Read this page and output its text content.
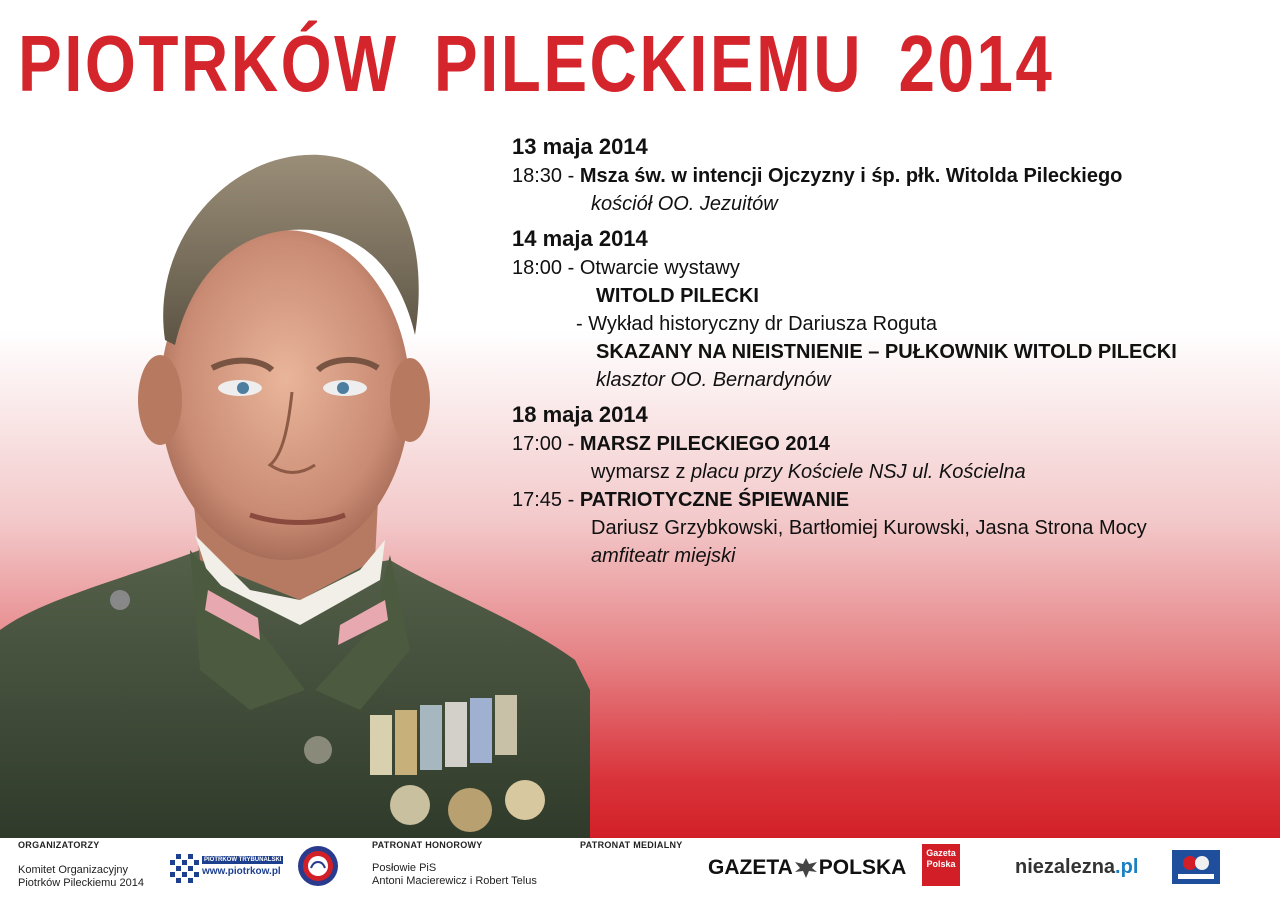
PIOTRKÓW PILECKIEMU 2014
13 maja 2014
18:30 - Msza św. w intencji Ojczyzny i śp. płk. Witolda Pileckiego
kościół OO. Jezuitów
14 maja 2014
18:00 - Otwarcie wystawy
WITOLD PILECKI
- Wykład historyczny dr Dariusza Roguta
SKAZANY NA NIEISTNIENIE – PUŁKOWNIK WITOLD PILECKI
klasztor OO. Bernardynów
18 maja 2014
17:00 - MARSZ PILECKIEGO 2014
wymarsz z placu przy Kościele NSJ ul. Kościelna
17:45 - PATRIOTYCZNE ŚPIEWANIE
Dariusz Grzybkowski, Bartłomiej Kurowski, Jasna Strona Mocy
amfiteatr miejski
ORGANIZATORZY
Komitet Organizacyjny
Piotrków Pileckiemu 2014
PIOTRKÓW TRYBUNALSKI
www.piotrkow.pl
PATRONAT HONOROWY
Posłowie PiS
Antoni Macierewicz i Robert Telus
PATRONAT MEDIALNY
GAZETA POLSKA
Gazeta
Polska	niezalezna.pl
